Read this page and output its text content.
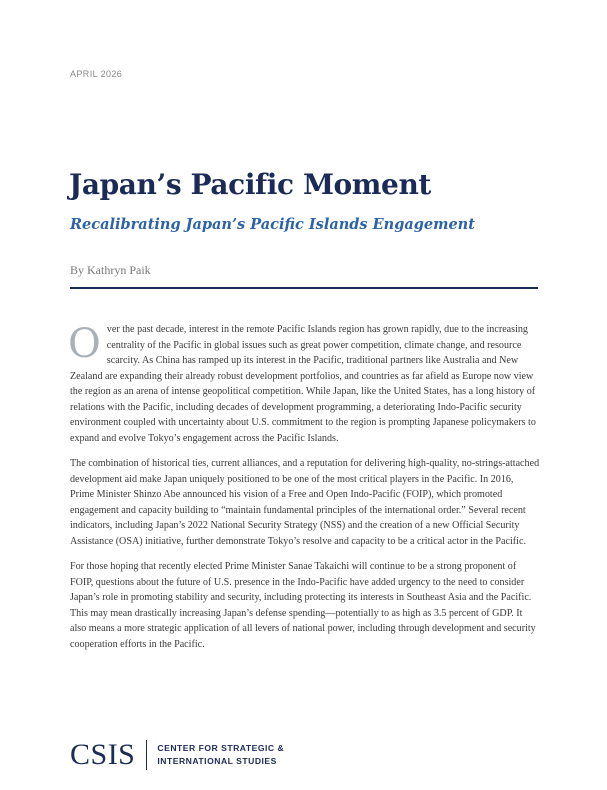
APRIL 2026
Japan’s Pacific Moment
Recalibrating Japan’s Pacific Islands Engagement
By Kathryn Paik

Over the past decade, interest in the remote Pacific Islands region has grown rapidly, due to the increasing centrality of the Pacific in global issues such as great power competition, climate change, and resource scarcity. As China has ramped up its interest in the Pacific, traditional partners like Australia and New Zealand are expanding their already robust development portfolios, and countries as far afield as Europe now view the region as an arena of intense geopolitical competition. While Japan, like the United States, has a long history of relations with the Pacific, including decades of development programming, a deteriorating Indo-Pacific security environment coupled with uncertainty about U.S. commitment to the region is prompting Japanese policymakers to expand and evolve Tokyo’s engagement across the Pacific Islands.

The combination of historical ties, current alliances, and a reputation for delivering high-quality, no-strings-attached development aid make Japan uniquely positioned to be one of the most critical players in the Pacific. In 2016, Prime Minister Shinzo Abe announced his vision of a Free and Open Indo-Pacific (FOIP), which promoted engagement and capacity building to “maintain fundamental principles of the international order.” Several recent indicators, including Japan’s 2022 National Security Strategy (NSS) and the creation of a new Official Security Assistance (OSA) initiative, further demonstrate Tokyo’s resolve and capacity to be a critical actor in the Pacific.

For those hoping that recently elected Prime Minister Sanae Takaichi will continue to be a strong proponent of FOIP, questions about the future of U.S. presence in the Indo-Pacific have added urgency to the need to consider Japan’s role in promoting stability and security, including protecting its interests in Southeast Asia and the Pacific. This may mean drastically increasing Japan’s defense spending—potentially to as high as 3.5 percent of GDP. It also means a more strategic application of all levers of national power, including through development and security cooperation efforts in the Pacific.

CSIS	CENTER FOR STRATEGIC &
INTERNATIONAL STUDIES
